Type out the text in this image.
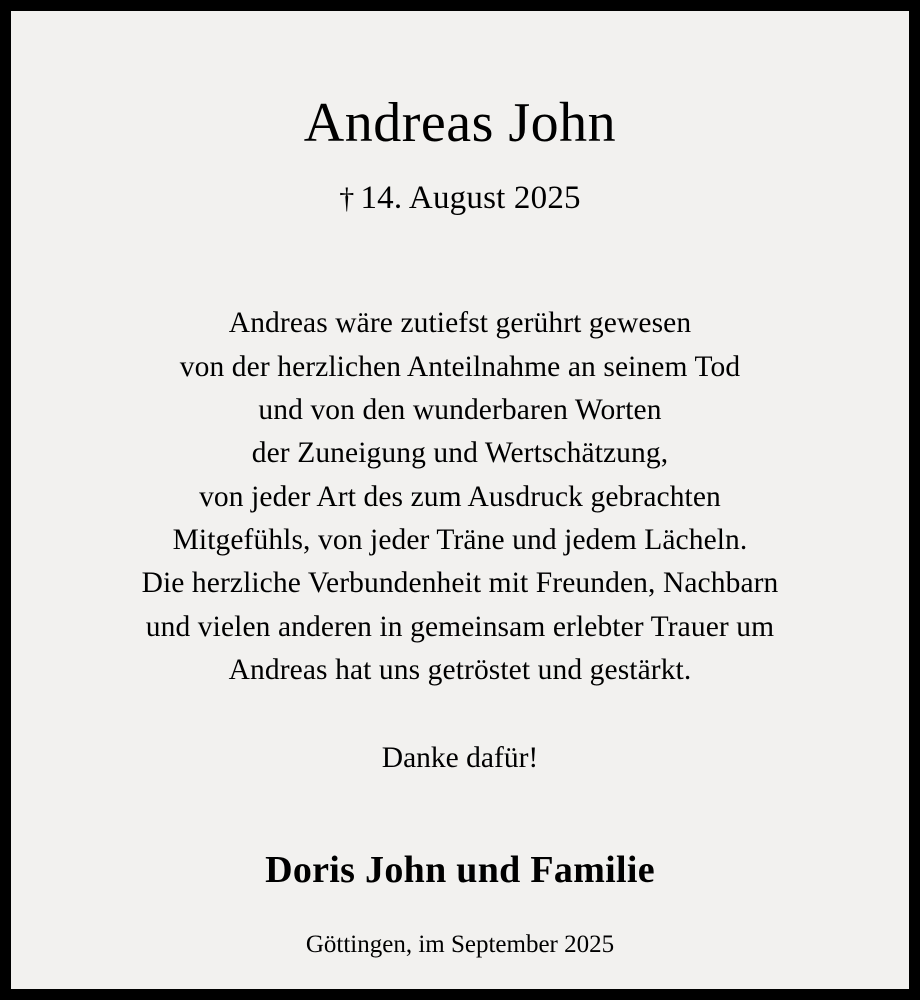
Andreas John
† 14. August 2025
Andreas wäre zutiefst gerührt gewesen
von der herzlichen Anteilnahme an seinem Tod
und von den wunderbaren Worten
der Zuneigung und Wertschätzung,
von jeder Art des zum Ausdruck gebrachten
Mitgefühls, von jeder Träne und jedem Lächeln.
Die herzliche Verbundenheit mit Freunden, Nachbarn
und vielen anderen in gemeinsam erlebter Trauer um
Andreas hat uns getröstet und gestärkt.
Danke dafür!
Doris John und Familie
Göttingen, im September 2025
